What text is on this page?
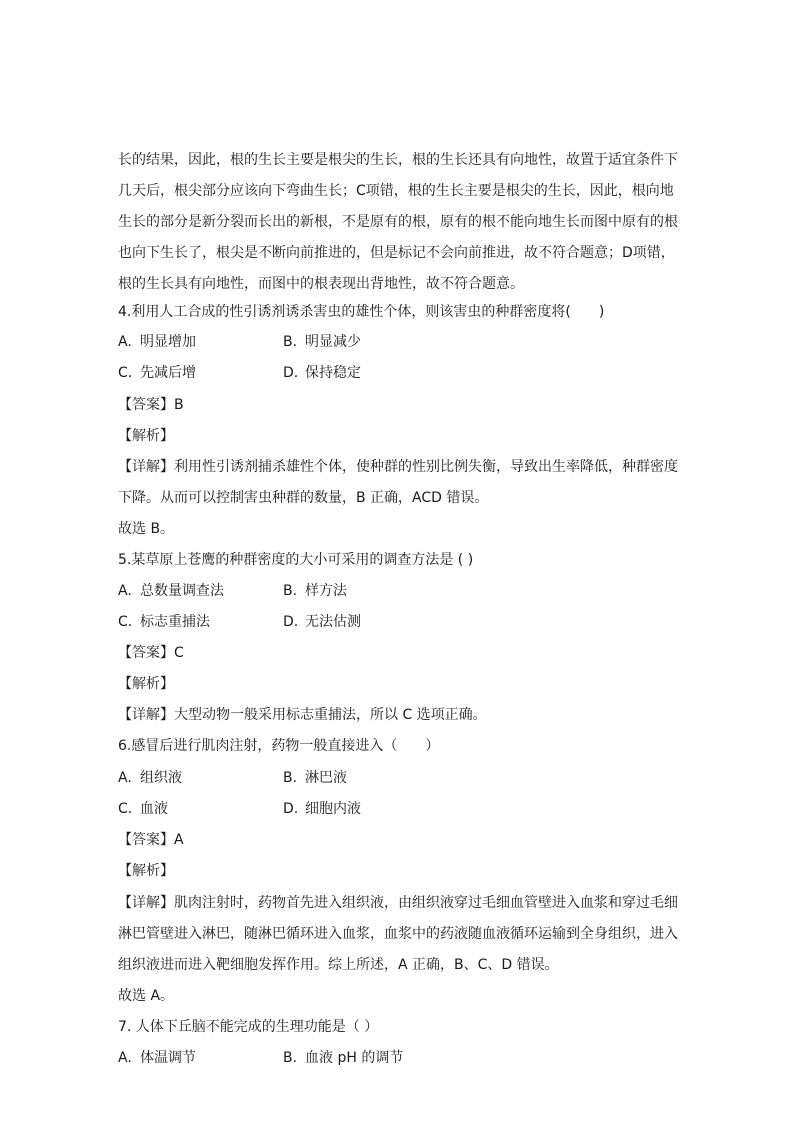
长的结果，因此，根的生长主要是根尖的生长，根的生长还具有向地性，故置于适宜条件下
几天后，根尖部分应该向下弯曲生长；C项错，根的生长主要是根尖的生长，因此，根向地
生长的部分是新分裂而长出的新根，不是原有的根，原有的根不能向地生长而图中原有的根
也向下生长了，根尖是不断向前推进的，但是标记不会向前推进，故不符合题意；D项错，
根的生长具有向地性，而图中的根表现出背地性，故不符合题意。
4.利用人工合成的性引诱剂诱杀害虫的雄性个体，则该害虫的种群密度将(　　)
A. 明显增加	B. 明显减少
C. 先减后增	D. 保持稳定
【答案】B
【解析】
【详解】利用性引诱剂捕杀雄性个体，使种群的性别比例失衡，导致出生率降低，种群密度
下降。从而可以控制害虫种群的数量，B 正确，ACD 错误。
故选 B。
5.某草原上苍鹰的种群密度的大小可采用的调查方法是 ( )
A. 总数量调查法	B. 样方法
C. 标志重捕法	D. 无法估测
【答案】C
【解析】
【详解】大型动物一般采用标志重捕法，所以 C 选项正确。
6.感冒后进行肌肉注射，药物一般直接进入（　　）
A. 组织液	B. 淋巴液
C. 血液	D. 细胞内液
【答案】A
【解析】
【详解】肌肉注射时，药物首先进入组织液，由组织液穿过毛细血管壁进入血浆和穿过毛细
淋巴管壁进入淋巴，随淋巴循环进入血浆，血浆中的药液随血液循环运输到全身组织，进入
组织液进而进入靶细胞发挥作用。综上所述，A 正确，B、C、D 错误。
故选 A。
7. 人体下丘脑不能完成的生理功能是（ ）
A. 体温调节	B. 血液 pH 的调节
